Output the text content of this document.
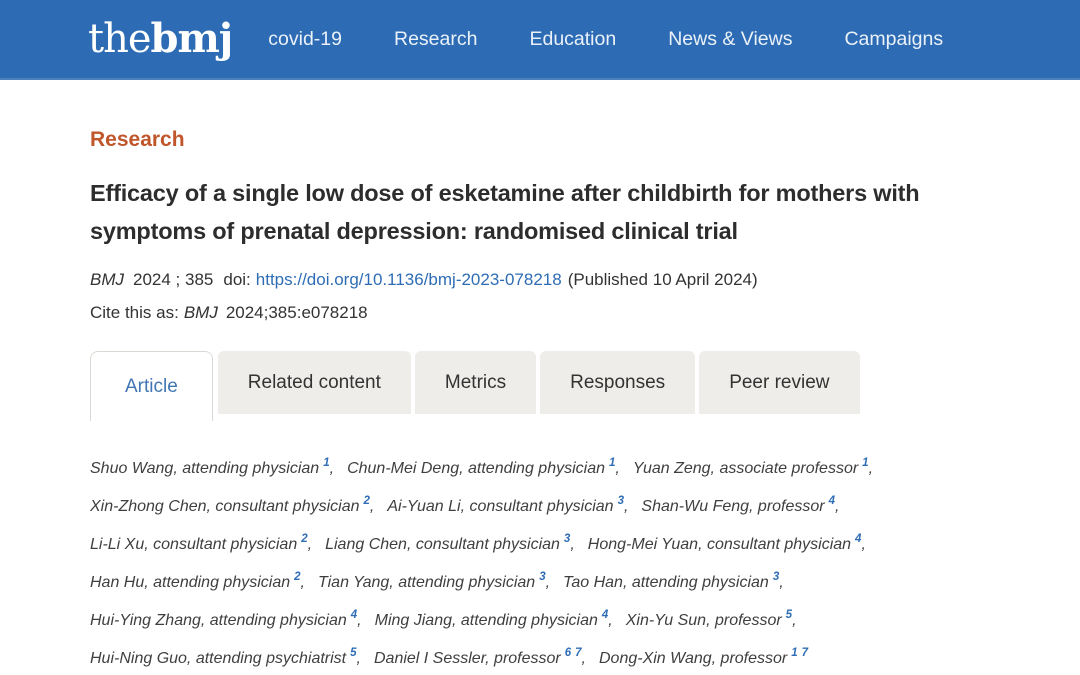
thebmj covid-19	Research	Education	News & Views	Campaigns
Research
Efficacy of a single low dose of esketamine after childbirth for mothers with symptoms of prenatal depression: randomised clinical trial
BMJ 2024 ; 385 doi: https://doi.org/10.1136/bmj-2023-078218 (Published 10 April 2024)
Cite this as: BMJ 2024;385:e078218
Article	Related content	Metrics	Responses	Peer review
Shuo Wang, attending physician $^1$, Chun-Mei Deng, attending physician $^1$, Yuan Zeng, associate professor $^1$,
Xin-Zhong Chen, consultant physician $^2$, Ai-Yuan Li, consultant physician $^3$, Shan-Wu Feng, professor $^4$,
Li-Li Xu, consultant physician $^2$, Liang Chen, consultant physician $^3$, Hong-Mei Yuan, consultant physician $^4$,
Han Hu, attending physician $^2$, Tian Yang, attending physician $^3$, Tao Han, attending physician $^3$,
Hui-Ying Zhang, attending physician $^4$, Ming Jiang, attending physician $^4$, Xin-Yu Sun, professor $^5$,
Hui-Ning Guo, attending psychiatrist $^5$, Daniel I Sessler, professor $^6$ $^7$, Dong-Xin Wang, professor $^1$ $^7$
